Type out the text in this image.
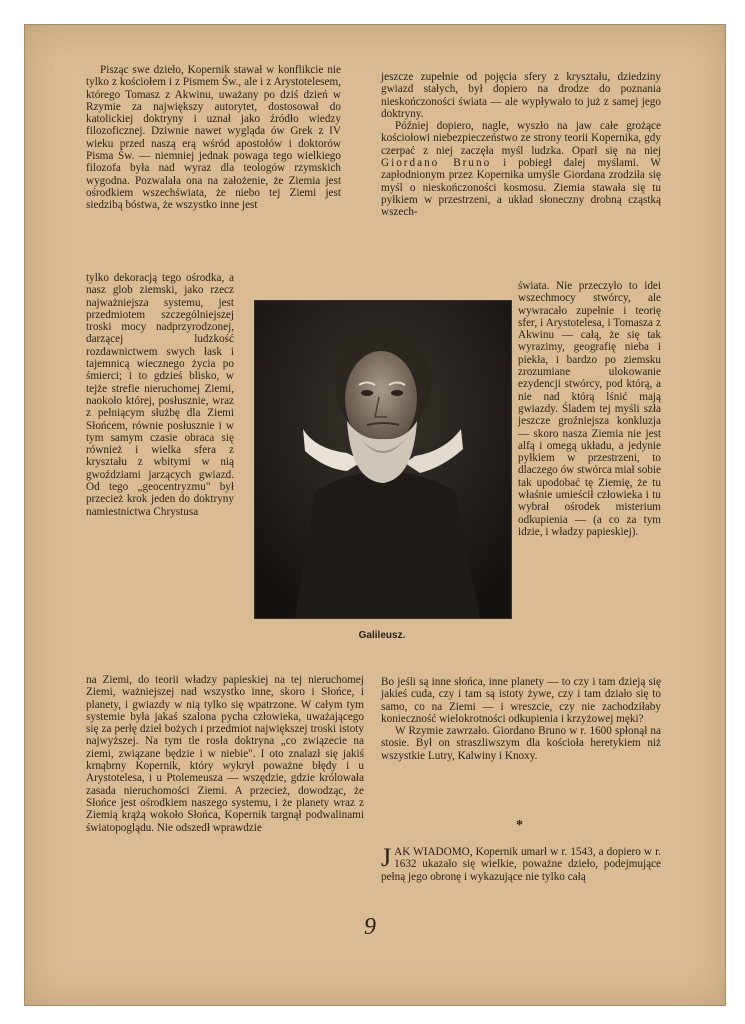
Pisząc swe dzieło, Kopernik stawał w konflikcie nie tylko z kościołem i z Pismem Św., ale i z Arystotelesem, którego Tomasz z Akwinu, uważany po dziś dzień w Rzymie za największy autorytet, dostosował do katolickiej doktryny i uznał jako źródło wiedzy filozoficznej. Dziwnie nawet wygląda ów Grek z IV wieku przed naszą erą wśród apostołów i doktorów Pisma Św. — niemniej jednak powaga tego wielkiego filozofa była nad wyraz dla teologów rzymskich wygodna. Pozwalała ona na założenie, że Ziemia jest ośrodkiem wszechświata, że niebo tej Ziemi jest siedzibą bóstwa, że wszystko inne jest

tylko dekoracją tego ośrodka, a nasz glob ziemski, jako rzecz najważniejsza systemu, jest przedmiotem szczególniejszej troski mocy nadprzyrodzonej, darzącej ludzkość rozdawnictwem swych łask i tajemnicą wiecznego życia po śmierci; i to gdzieś blisko, w tejże strefie nieruchomej Ziemi, naokoło której, posłusznie, wraz z pełniącym służbę dla Ziemi Słońcem, równie posłusznie i w tym samym czasie obraca się również i wielka sfera z kryształu z wbitymi w nią gwoździami jarzących gwiazd. Od tego „geocentryzmu" był przecież krok jeden do doktryny namiestnictwa Chrystusa

Galileusz.

na Ziemi, do teorii władzy papieskiej na tej nieruchomej Ziemi, ważniejszej nad wszystko inne, skoro i Słońce, i planety, i gwiazdy w nią tylko się wpatrzone. W całym tym systemie była jakaś szalona pycha człowieka, uważającego się za perłę dzieł bożych i przedmiot największej troski istoty najwyższej. Na tym tle rosła doktryna „co związecie na ziemi, związane będzie i w niebie". I oto znalazł się jakiś krnąbrny Kopernik, który wykrył poważne błędy i u Arystotelesa, i u Ptolemeusza — wszędzie, gdzie królowała zasada nieruchomości Ziemi. A przecież, dowodząc, że Słońce jest ośrodkiem naszego systemu, i że planety wraz z Ziemią krążą wokoło Słońca, Kopernik targnął podwalinami światopoglądu. Nie odszedł wprawdzie

jeszcze zupełnie od pojęcia sfery z kryształu, dziedziny gwiazd stałych, był dopiero na drodze do poznania nieskończoności świata — ale wypływało to już z samej jego doktryny.

Później dopiero, nagle, wyszło na jaw całe grożące kościołowi niebezpieczeństwo ze strony teorii Kopernika, gdy czerpać z niej zaczęła myśl ludzka. Oparł się na niej Giordano Bruno i pobiegł dalej myślami. W zapłodnionym przez Kopernika umyśle Giordana zrodziła się myśl o nieskończoności kosmosu. Ziemia stawała się tu pyłkiem w przestrzeni, a układ słoneczny drobną cząstką wszech-

świata. Nie przeczyło to idei wszechmocy stwórcy, ale wywracało zupełnie i teorię sfer, i Arystotelesa, i Tomasza z Akwinu — całą, że się tak wyrazimy, geografię nieba i piekła, i bardzo po ziemsku zrozumiane ulokowanie ezydencji stwórcy, pod którą, a nie nad którą lśnić mają gwiazdy. Śladem tej myśli szła jeszcze groźniejsza konkluzja — skoro nasza Ziemia nie jest alfą i omegą układu, a jedynie pyłkiem w przestrzeni, to dlaczego ów stwórca miał sobie tak upodobać tę Ziemię, że tu właśnie umieścił człowieka i tu wybrał ośrodek misterium odkupienia — (a co za tym idzie, i władzy papieskiej).

Bo jeśli są inne słońca, inne planety — to czy i tam dzieją się jakieś cuda, czy i tam są istoty żywe, czy i tam działo się to samo, co na Ziemi — i wreszcie, czy nie zachodziłaby konieczność wielokrotności odkupienia i krzyżowej męki?

W Rzymie zawrzało. Giordano Bruno w r. 1600 spłonął na stosie. Był on straszliwszym dla kościoła heretykiem niż wszystkie Lutry, Kalwiny i Knoxy.

*

JAK WIADOMO, Kopernik umarł w r. 1543, a dopiero w r. 1632 ukazało się wielkie, poważne dzieło, podejmujące pełną jego obronę i wykazujące nie tylko całą

9
